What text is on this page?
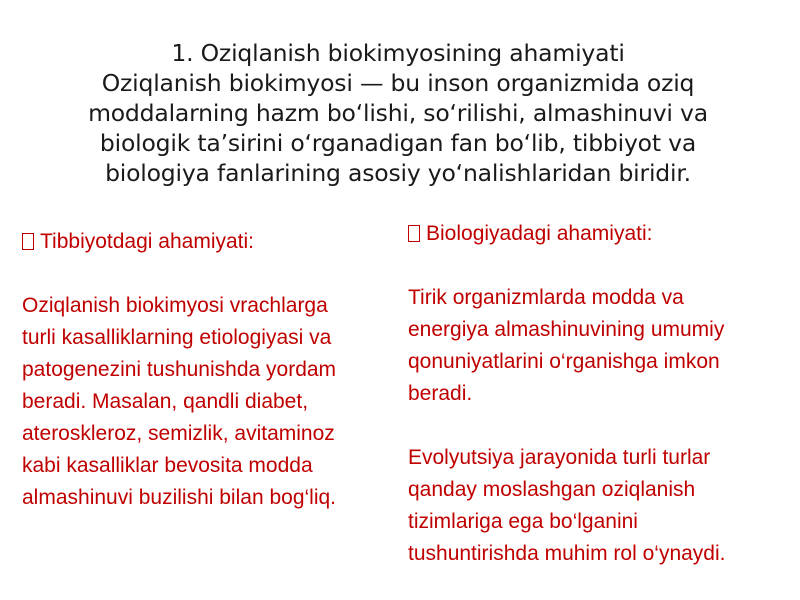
1. Oziqlanish biokimyosining ahamiyati
Oziqlanish biokimyosi — bu inson organizmida oziq
moddalarning hazm bo‘lishi, so‘rilishi, almashinuvi va
biologik ta’sirini o‘rganadigan fan bo‘lib, tibbiyot va
biologiya fanlarining asosiy yo‘nalishlaridan biridir.
Tibbiyotdagi ahamiyati:
Oziqlanish biokimyosi vrachlarga
turli kasalliklarning etiologiyasi va
patogenezini tushunishda yordam
beradi. Masalan, qandli diabet,
ateroskleroz, semizlik, avitaminoz
kabi kasalliklar bevosita modda
almashinuvi buzilishi bilan bog‘liq.
Biologiyadagi ahamiyati:
Tirik organizmlarda modda va
energiya almashinuvining umumiy
qonuniyatlarini o‘rganishga imkon
beradi.
Evolyutsiya jarayonida turli turlar
qanday moslashgan oziqlanish
tizimlariga ega bo‘lganini
tushuntirishda muhim rol o‘ynaydi.
